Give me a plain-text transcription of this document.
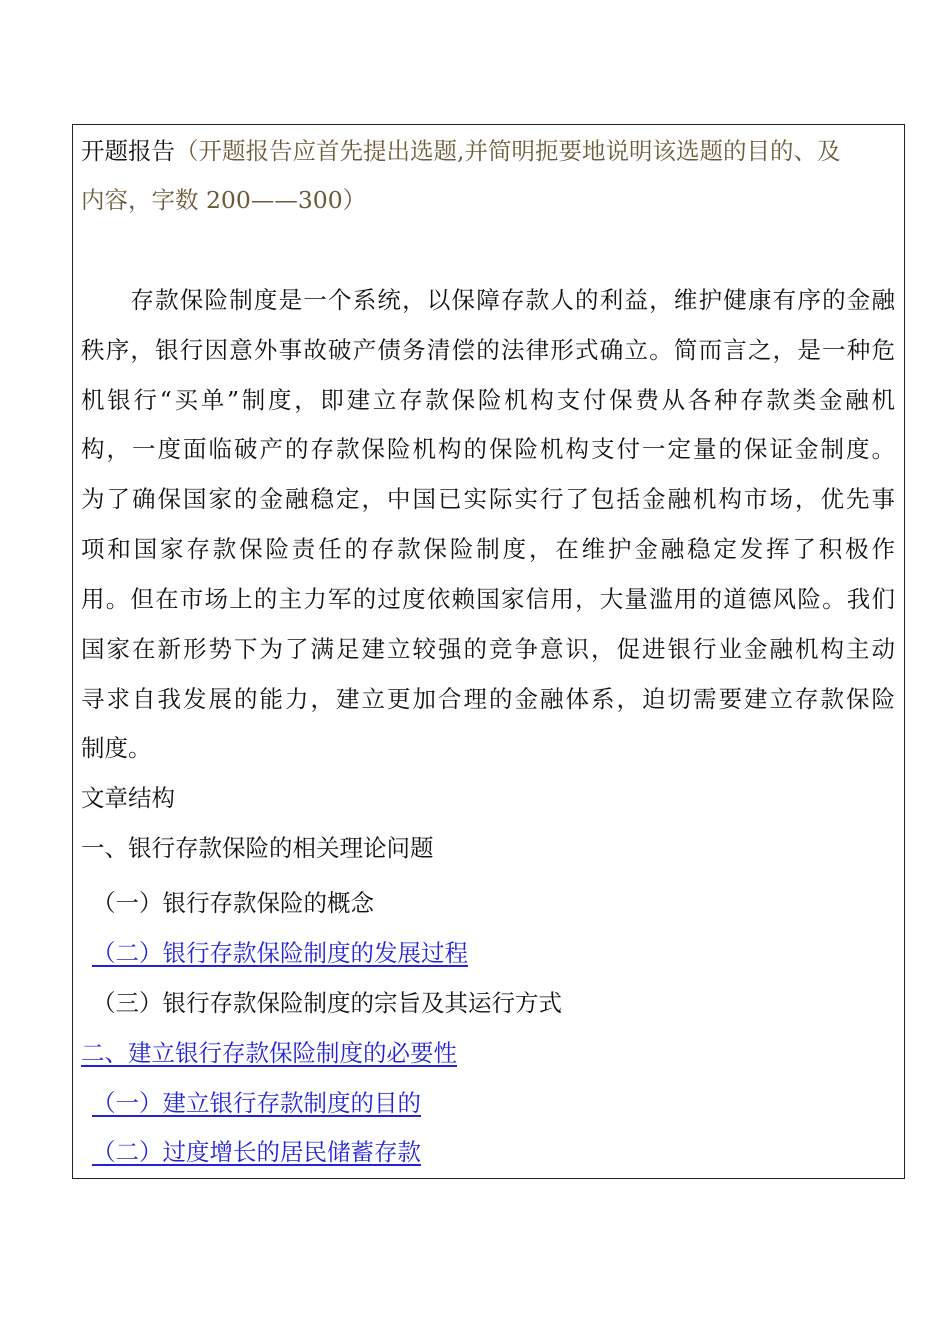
开题报告（开题报告应首先提出选题,并简明扼要地说明该选题的目的、及
内容，字数 200——300）
　　存款保险制度是一个系统，以保障存款人的利益，维护健康有序的金融
秩序，银行因意外事故破产债务清偿的法律形式确立。简而言之，是一种危
机银行“买单”制度，即建立存款保险机构支付保费从各种存款类金融机
构，一度面临破产的存款保险机构的保险机构支付一定量的保证金制度。
为了确保国家的金融稳定，中国已实际实行了包括金融机构市场，优先事
项和国家存款保险责任的存款保险制度，在维护金融稳定发挥了积极作
用。但在市场上的主力军的过度依赖国家信用，大量滥用的道德风险。我们
国家在新形势下为了满足建立较强的竞争意识，促进银行业金融机构主动
寻求自我发展的能力，建立更加合理的金融体系，迫切需要建立存款保险
制度。
文章结构
一、银行存款保险的相关理论问题
（一）银行存款保险的概念
（二）银行存款保险制度的发展过程
（三）银行存款保险制度的宗旨及其运行方式
二、建立银行存款保险制度的必要性
（一）建立银行存款制度的目的
（二）过度增长的居民储蓄存款
